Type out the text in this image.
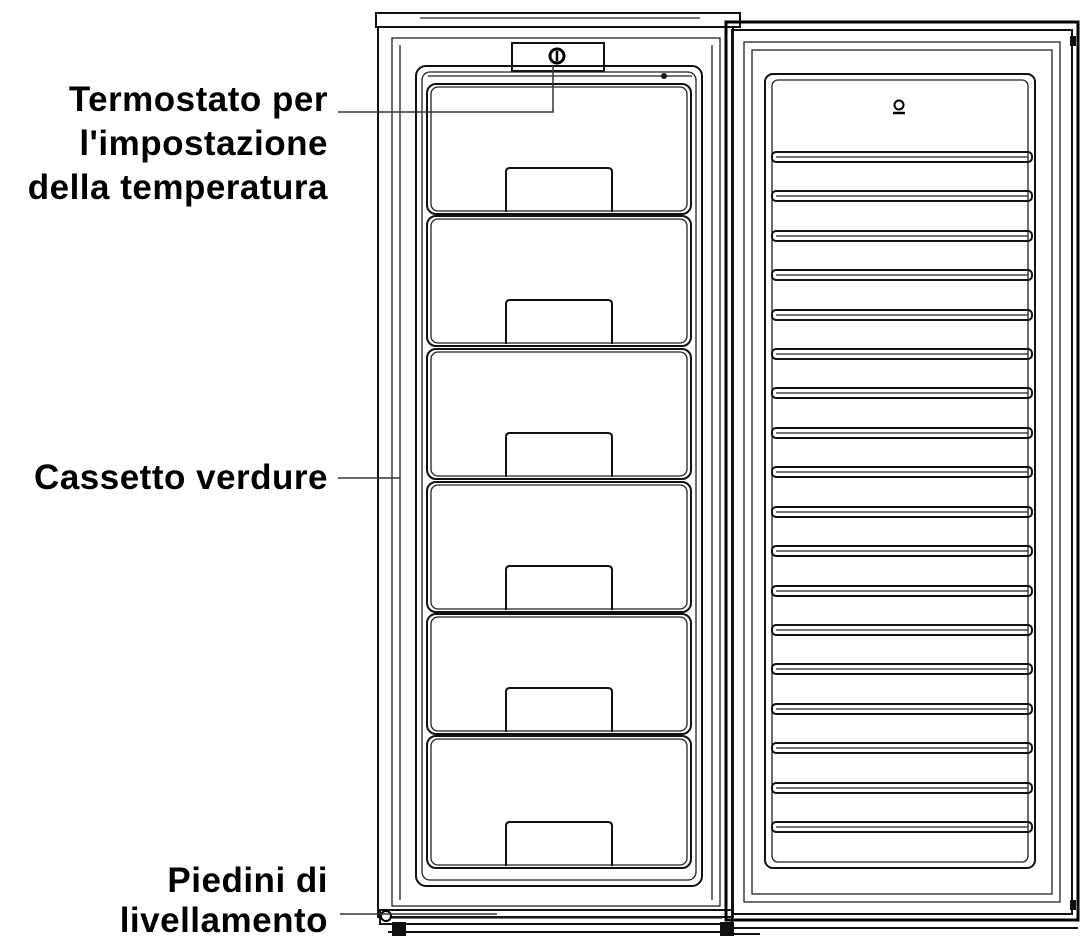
Termostato per
l'impostazione
della temperatura
Cassetto verdure
Piedini di
livellamento
